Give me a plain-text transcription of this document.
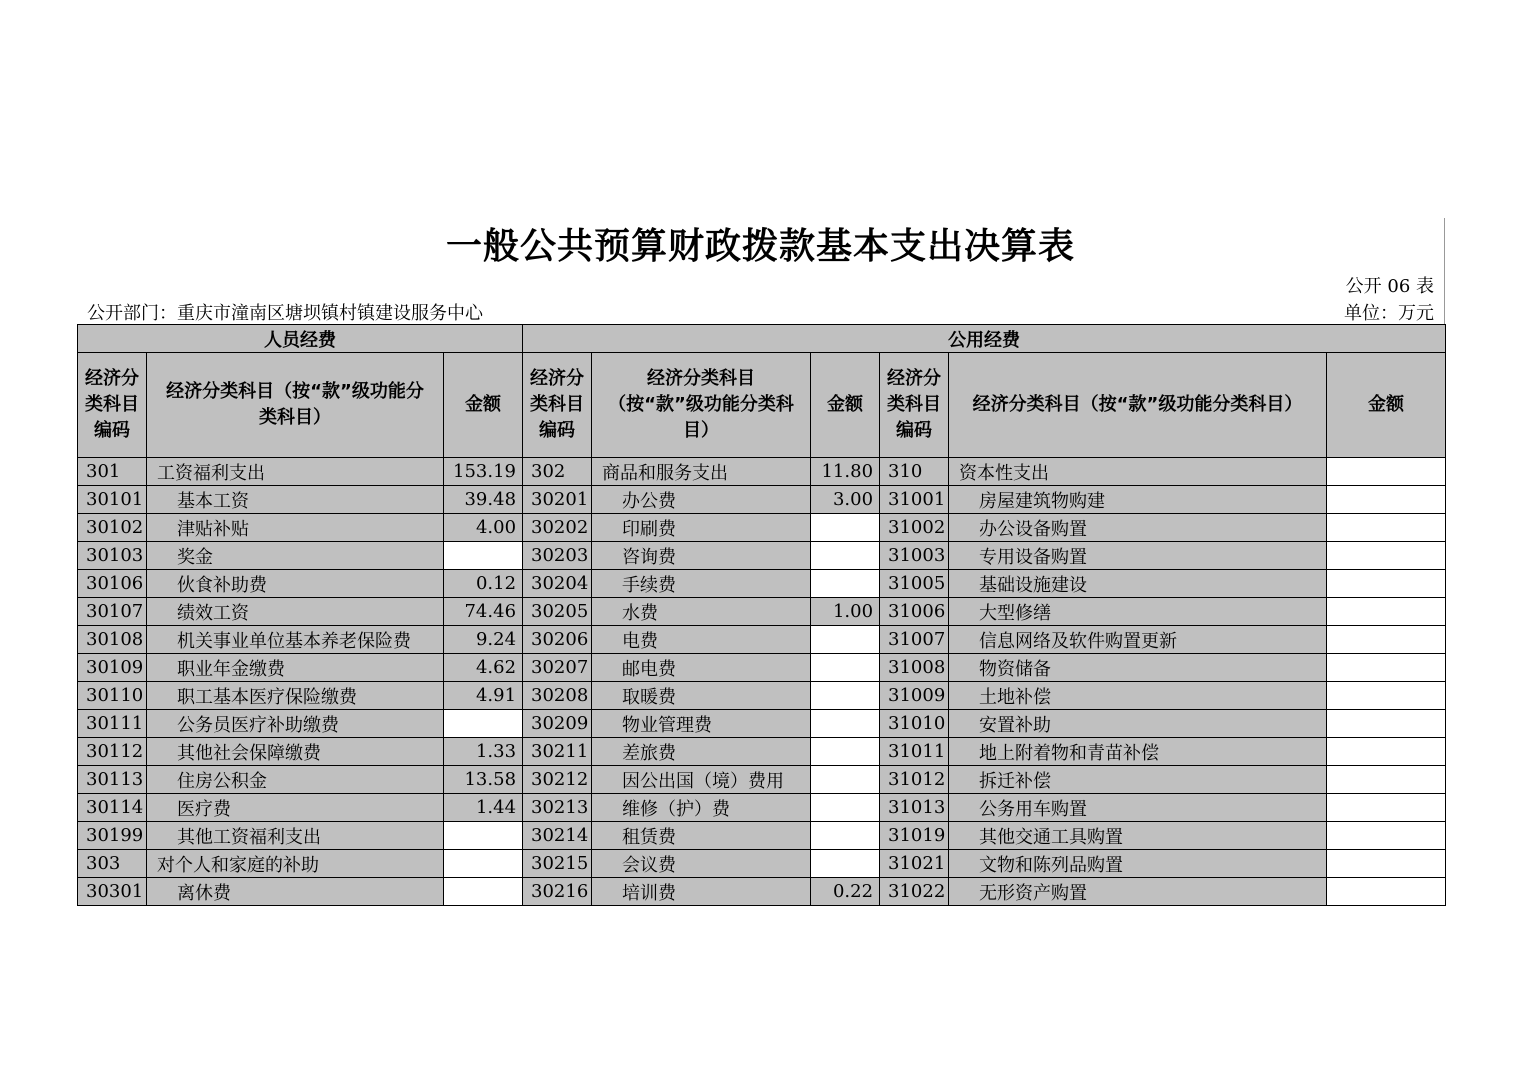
一般公共预算财政拨款基本支出决算表
公开 06 表
公开部门：重庆市潼南区塘坝镇村镇建设服务中心	单位：万元
人员经费			公用经费					
经济分类科目编码	经济分类科目（按“款”级功能分类科目）	金额	经济分类科目编码	经济分类科目（按“款”级功能分类科目）	金额	经济分类科目编码	经济分类科目（按“款”级功能分类科目）	金额
301	工资福利支出	153.19	302	商品和服务支出	11.80	310	资本性支出	
30101	基本工资	39.48	30201	办公费	3.00	31001	房屋建筑物购建	
30102	津贴补贴	4.00	30202	印刷费		31002	办公设备购置	
30103	奖金		30203	咨询费		31003	专用设备购置	
30106	伙食补助费	0.12	30204	手续费		31005	基础设施建设	
30107	绩效工资	74.46	30205	水费	1.00	31006	大型修缮	
30108	机关事业单位基本养老保险费	9.24	30206	电费		31007	信息网络及软件购置更新	
30109	职业年金缴费	4.62	30207	邮电费		31008	物资储备	
30110	职工基本医疗保险缴费	4.91	30208	取暖费		31009	土地补偿	
30111	公务员医疗补助缴费		30209	物业管理费		31010	安置补助	
30112	其他社会保障缴费	1.33	30211	差旅费		31011	地上附着物和青苗补偿	
30113	住房公积金	13.58	30212	因公出国（境）费用		31012	拆迁补偿	
30114	医疗费	1.44	30213	维修（护）费		31013	公务用车购置	
30199	其他工资福利支出		30214	租赁费		31019	其他交通工具购置	
303	对个人和家庭的补助		30215	会议费		31021	文物和陈列品购置	
30301	离休费		30216	培训费	0.22	31022	无形资产购置	
